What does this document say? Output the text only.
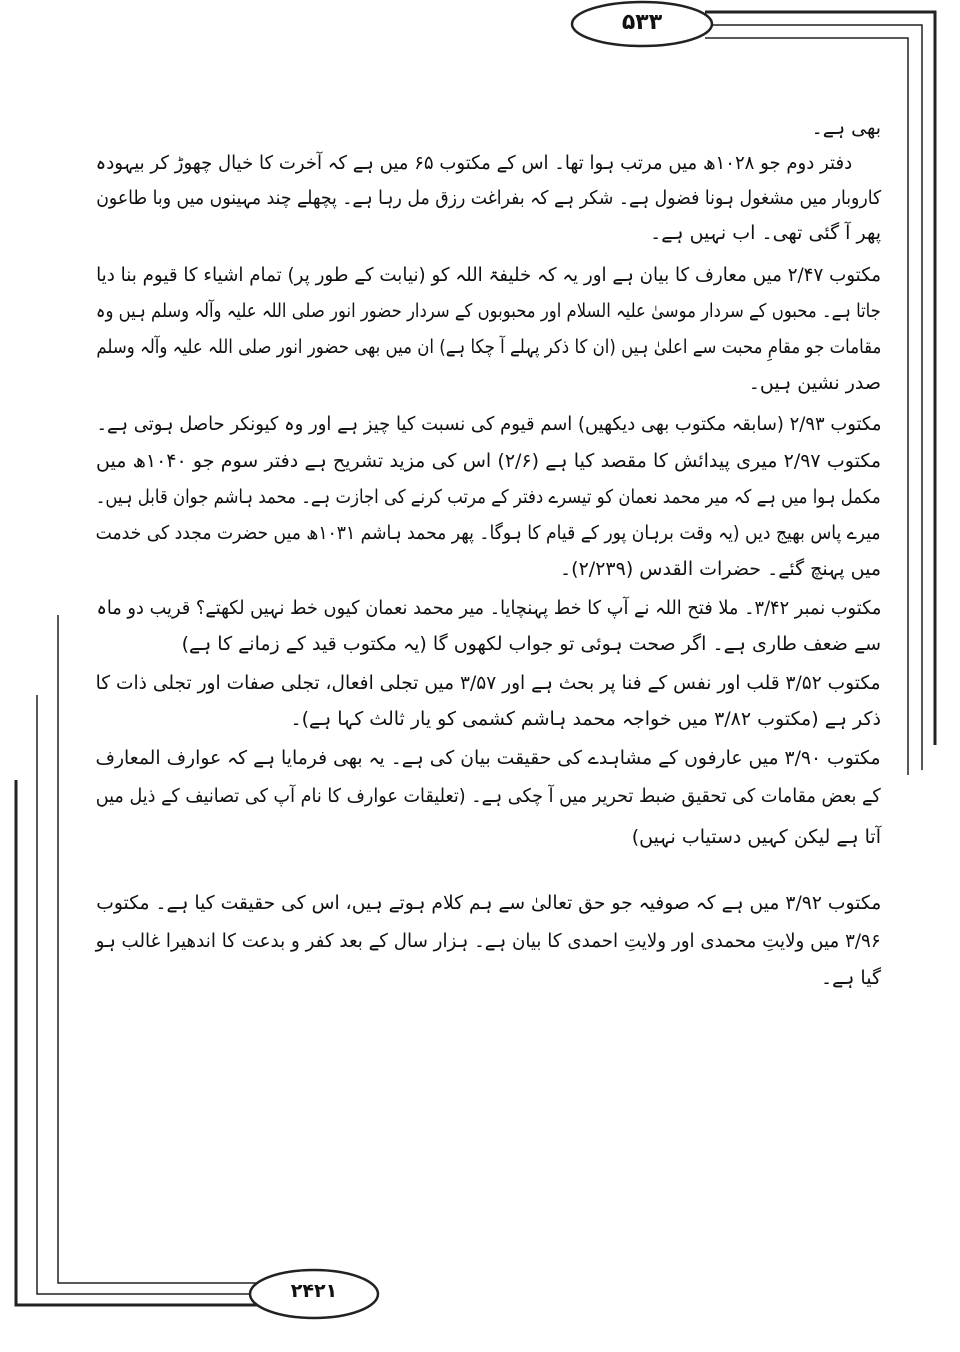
۵۳۳
۲۴۲۱
بھی ہے۔
دفتر دوم جو ۱۰۲۸ھ میں مرتب ہوا تھا۔ اس کے مکتوب ۶۵ میں ہے کہ آخرت کا خیال چھوڑ کر بیہودہ
کاروبار میں مشغول ہونا فضول ہے۔ شکر ہے کہ بفراغت رزق مل رہا ہے۔ پچھلے چند مہینوں میں وبا طاعون
پھر آ گئی تھی۔ اب نہیں ہے۔
مکتوب ۲/۴۷ میں معارف کا بیان ہے اور یہ کہ خلیفۃ اللہ کو (نیابت کے طور پر) تمام اشیاء کا قیوم بنا دیا
جاتا ہے۔ محبوں کے سردار موسیٰ علیہ السلام اور محبوبوں کے سردار حضور انور صلی اللہ علیہ وآلہ وسلم ہیں وہ
مقامات جو مقامِ محبت سے اعلیٰ ہیں (ان کا ذکر پہلے آ چکا ہے) ان میں بھی حضور انور صلی اللہ علیہ وآلہ وسلم
صدر نشین ہیں۔
مکتوب ۲/۹۳ (سابقہ مکتوب بھی دیکھیں) اسم قیوم کی نسبت کیا چیز ہے اور وہ کیونکر حاصل ہوتی ہے۔
مکتوب ۲/۹۷ میری پیدائش کا مقصد کیا ہے (۲/۶) اس کی مزید تشریح ہے دفتر سوم جو ۱۰۴۰ھ میں
مکمل ہوا میں ہے کہ میر محمد نعمان کو تیسرے دفتر کے مرتب کرنے کی اجازت ہے۔ محمد ہاشم جوان قابل ہیں۔
میرے پاس بھیج دیں (یہ وقت برہان پور کے قیام کا ہوگا۔ پھر محمد ہاشم ۱۰۳۱ھ میں حضرت مجدد کی خدمت
میں پہنچ گئے۔ حضرات القدس (۲/۲۳۹)۔
مکتوب نمبر ۳/۴۲۔ ملا فتح اللہ نے آپ کا خط پہنچایا۔ میر محمد نعمان کیوں خط نہیں لکھتے؟ قریب دو ماہ
سے ضعف طاری ہے۔ اگر صحت ہوئی تو جواب لکھوں گا (یہ مکتوب قید کے زمانے کا ہے)
مکتوب ۳/۵۲ قلب اور نفس کے فنا پر بحث ہے اور ۳/۵۷ میں تجلی افعال، تجلی صفات اور تجلی ذات کا
ذکر ہے (مکتوب ۳/۸۲ میں خواجہ محمد ہاشم کشمی کو یار ثالث کہا ہے)۔
مکتوب ۳/۹۰ میں عارفوں کے مشاہدے کی حقیقت بیان کی ہے۔ یہ بھی فرمایا ہے کہ عوارف المعارف
کے بعض مقامات کی تحقیق ضبط تحریر میں آ چکی ہے۔ (تعلیقات عوارف کا نام آپ کی تصانیف کے ذیل میں
آتا ہے لیکن کہیں دستیاب نہیں)
مکتوب ۳/۹۲ میں ہے کہ صوفیہ جو حق تعالیٰ سے ہم کلام ہوتے ہیں، اس کی حقیقت کیا ہے۔ مکتوب
۳/۹۶ میں ولایتِ محمدی اور ولایتِ احمدی کا بیان ہے۔ ہزار سال کے بعد کفر و بدعت کا اندھیرا غالب ہو
گیا ہے۔
